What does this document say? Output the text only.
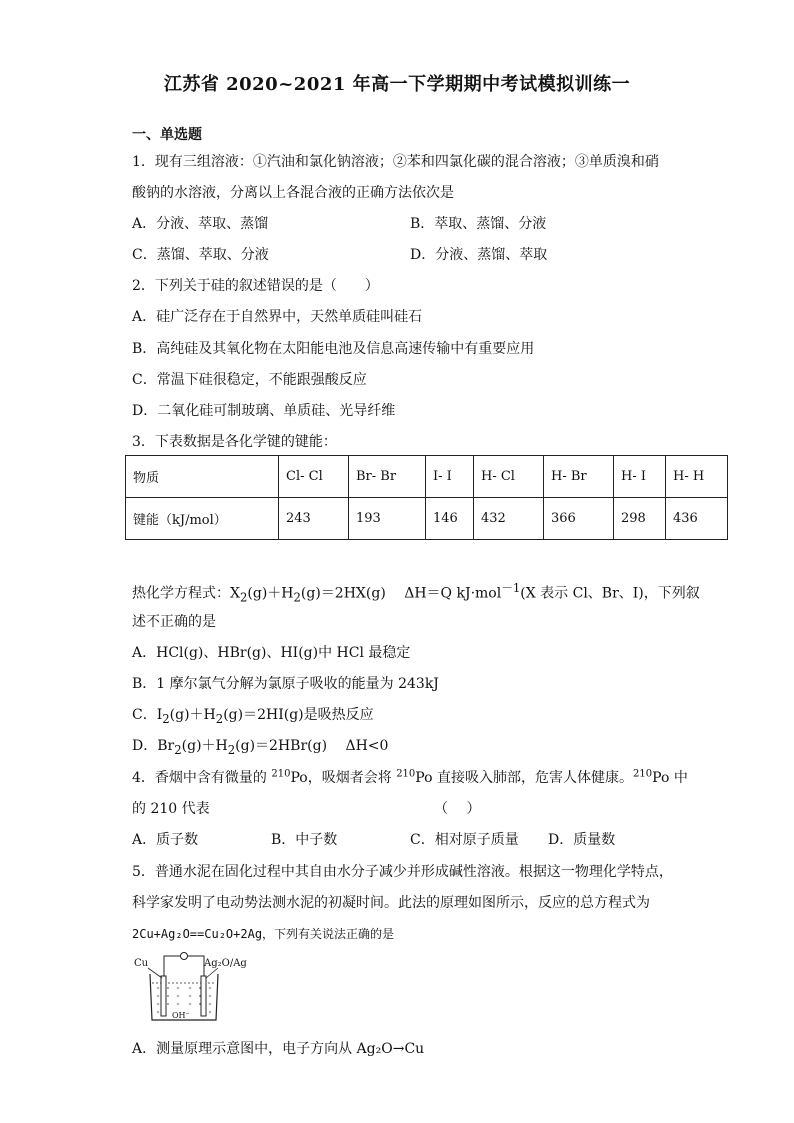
江苏省 2020~2021 年高一下学期期中考试模拟训练一
一、单选题
1．现有三组溶液：①汽油和氯化钠溶液；②苯和四氯化碳的混合溶液；③单质溴和硝
酸钠的水溶液，分离以上各混合液的正确方法依次是
A．分液、萃取、蒸馏	B．萃取、蒸馏、分液
C．蒸馏、萃取、分液	D．分液、蒸馏、萃取
2．下列关于硅的叙述错误的是（　　）
A．硅广泛存在于自然界中，天然单质硅叫硅石
B．高纯硅及其氧化物在太阳能电池及信息高速传输中有重要应用
C．常温下硅很稳定，不能跟强酸反应
D．二氧化硅可制玻璃、单质硅、光导纤维
3．下表数据是各化学键的键能：
物质	Cl- Cl	Br- Br	I- I	H- Cl	H- Br	H- I	H- H
键能（kJ/mol）	243	193	146	432	366	298	436
热化学方程式：$X_2(g)+H_2(g)=2HX(g)$　 ΔH＝Q kJ·mol$^{-1}$(X 表示 Cl、Br、I)，下列叙
述不正确的是
A．HCl(g)、HBr(g)、HI(g)中 HCl 最稳定
B．1 摩尔氯气分解为氯原子吸收的能量为 243kJ
C．$I_2(g)+H_2(g)=2HI(g)$是吸热反应
D．$Br_2(g)+H_2(g)=2HBr(g)$　 ΔH<0
4．香烟中含有微量的 $^{210}$Po，吸烟者会将 $^{210}$Po 直接吸入肺部，危害人体健康。$^{210}$Po 中
的 210 代表	（　 ）
A．质子数	B．中子数	C．相对原子质量 D．质量数
5．普通水泥在固化过程中其自由水分子减少并形成碱性溶液。根据这一物理化学特点，
科学家发明了电动势法测水泥的初凝时间。此法的原理如图所示，反应的总方程式为
2Cu+Ag₂O==Cu₂O+2Ag，下列有关说法正确的是
Cu	Ag₂O/Ag
OH⁻
A．测量原理示意图中，电子方向从 Ag₂O→Cu
